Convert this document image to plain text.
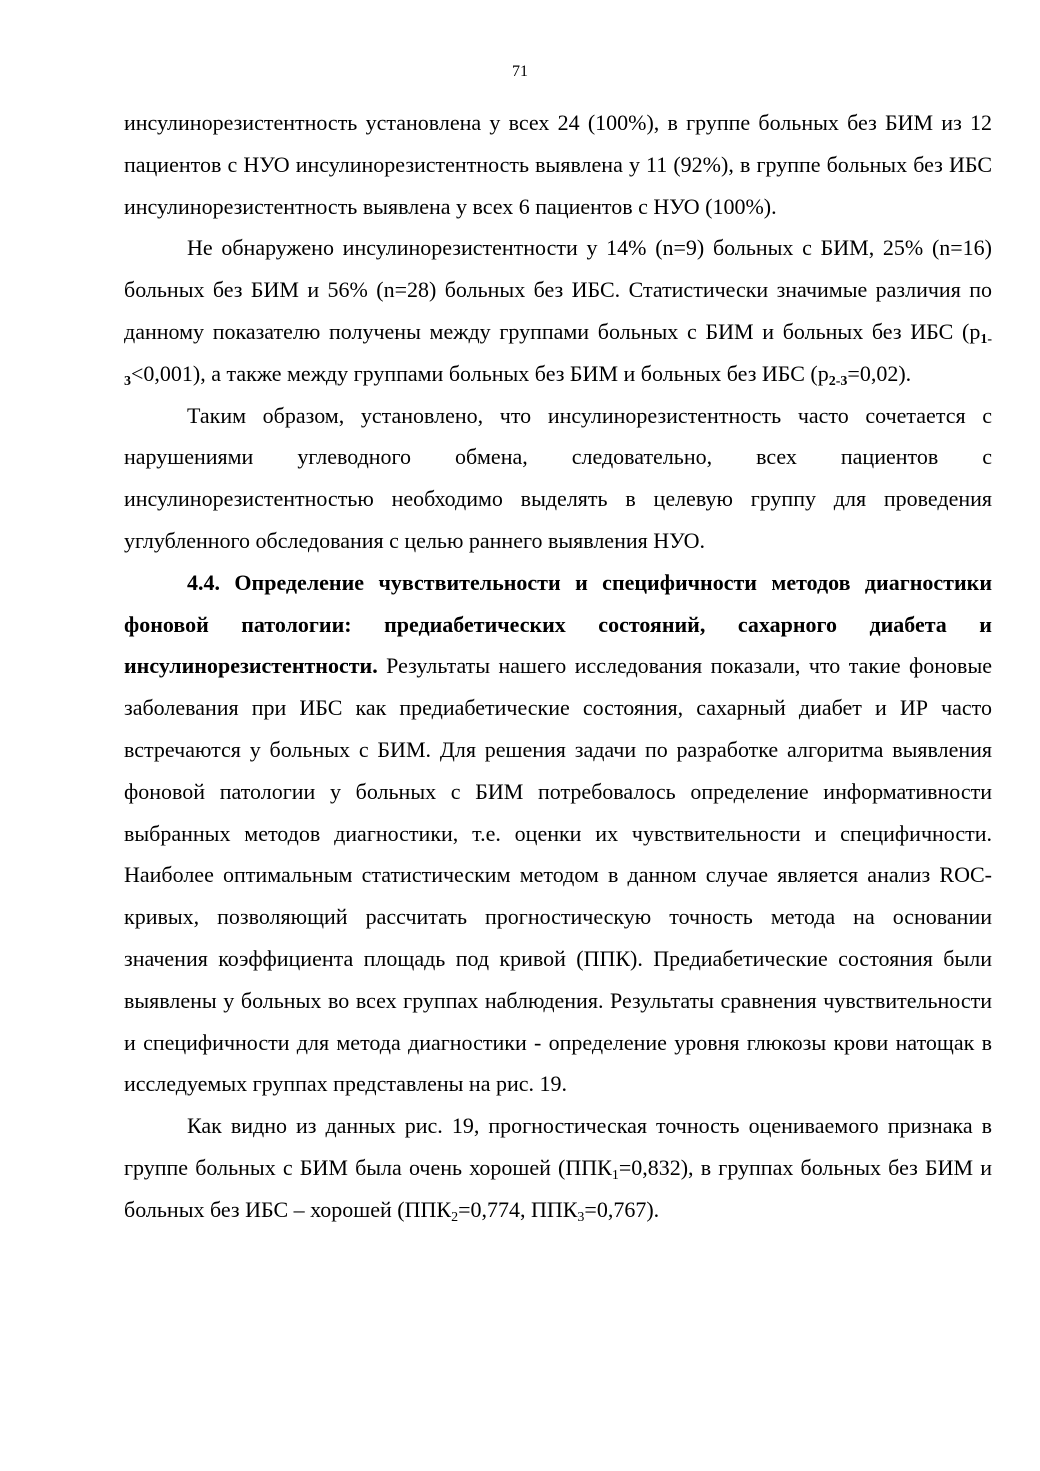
71

инсулинорезистентность установлена у всех 24 (100%), в группе больных без БИМ из 12 пациентов с НУО инсулинорезистентность выявлена у 11 (92%), в группе больных без ИБС инсулинорезистентность выявлена у всех 6 пациентов с НУО (100%).

Не обнаружено инсулинорезистентности у 14% (n=9) больных с БИМ, 25% (n=16) больных без БИМ и 56% (n=28) больных без ИБС. Статистически значимые различия по данному показателю получены между группами больных с БИМ и больных без ИБС (p1-3<0,001), а также между группами больных без БИМ и больных без ИБС (p2-3=0,02).

Таким образом, установлено, что инсулинорезистентность часто сочетается с нарушениями углеводного обмена, следовательно, всех пациентов с инсулинорезистентностью необходимо выделять в целевую группу для проведения углубленного обследования с целью раннего выявления НУО.

4.4. Определение чувствительности и специфичности методов диагностики фоновой патологии: предиабетических состояний, сахарного диабета и инсулинорезистентности. Результаты нашего исследования показали, что такие фоновые заболевания при ИБС как предиабетические состояния, сахарный диабет и ИР часто встречаются у больных с БИМ. Для решения задачи по разработке алгоритма выявления фоновой патологии у больных с БИМ потребовалось определение информативности выбранных методов диагностики, т.е. оценки их чувствительности и специфичности. Наиболее оптимальным статистическим методом в данном случае является анализ ROC-кривых, позволяющий рассчитать прогностическую точность метода на основании значения коэффициента площадь под кривой (ППК). Предиабетические состояния были выявлены у больных во всех группах наблюдения. Результаты сравнения чувствительности и специфичности для метода диагностики - определение уровня глюкозы крови натощак в исследуемых группах представлены на рис. 19.

Как видно из данных рис. 19, прогностическая точность оцениваемого признака в группе больных с БИМ была очень хорошей $(ППК_1=0,832)$, в группах больных без БИМ и больных без ИБС – хорошей ($ППК_2=0,774$, $ППК_3=0,767$).
